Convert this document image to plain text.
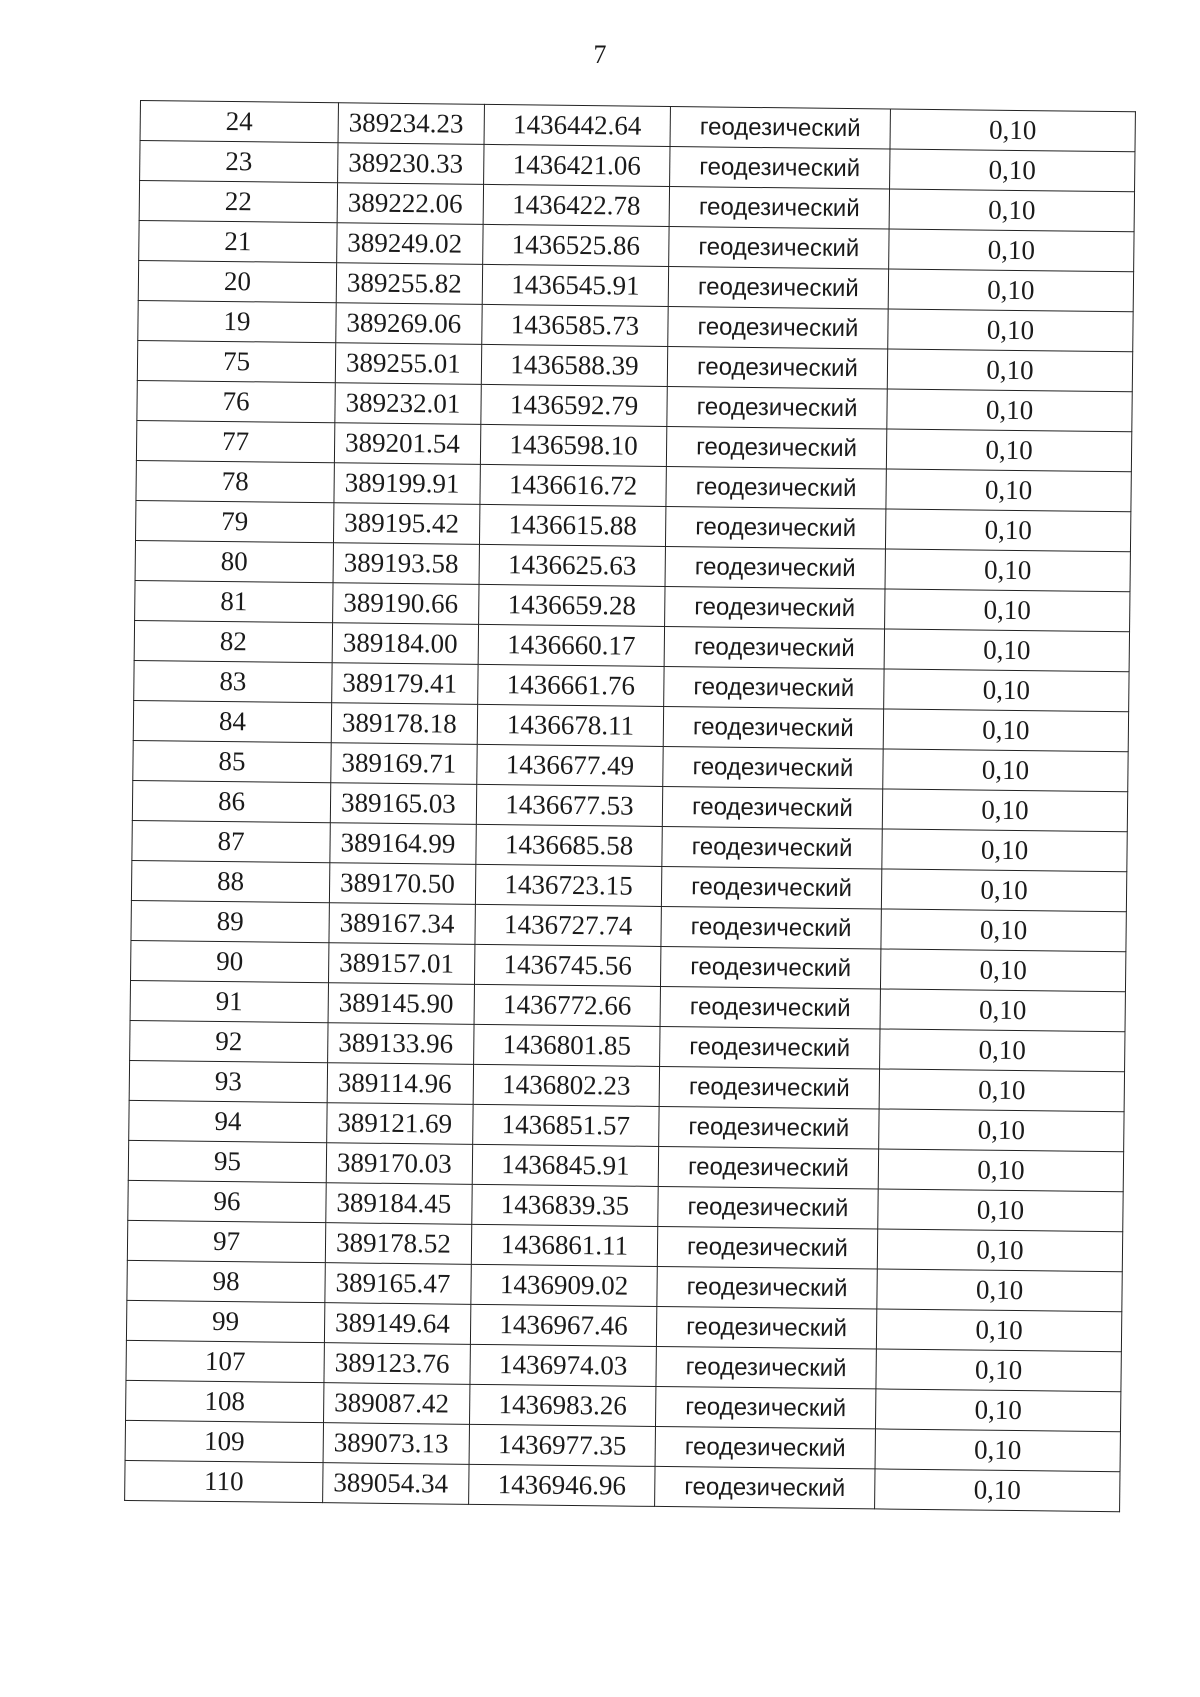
7
24	389234.23	1436442.64	геодезический	0,10
23	389230.33	1436421.06	геодезический	0,10
22	389222.06	1436422.78	геодезический	0,10
21	389249.02	1436525.86	геодезический	0,10
20	389255.82	1436545.91	геодезический	0,10
19	389269.06	1436585.73	геодезический	0,10
75	389255.01	1436588.39	геодезический	0,10
76	389232.01	1436592.79	геодезический	0,10
77	389201.54	1436598.10	геодезический	0,10
78	389199.91	1436616.72	геодезический	0,10
79	389195.42	1436615.88	геодезический	0,10
80	389193.58	1436625.63	геодезический	0,10
81	389190.66	1436659.28	геодезический	0,10
82	389184.00	1436660.17	геодезический	0,10
83	389179.41	1436661.76	геодезический	0,10
84	389178.18	1436678.11	геодезический	0,10
85	389169.71	1436677.49	геодезический	0,10
86	389165.03	1436677.53	геодезический	0,10
87	389164.99	1436685.58	геодезический	0,10
88	389170.50	1436723.15	геодезический	0,10
89	389167.34	1436727.74	геодезический	0,10
90	389157.01	1436745.56	геодезический	0,10
91	389145.90	1436772.66	геодезический	0,10
92	389133.96	1436801.85	геодезический	0,10
93	389114.96	1436802.23	геодезический	0,10
94	389121.69	1436851.57	геодезический	0,10
95	389170.03	1436845.91	геодезический	0,10
96	389184.45	1436839.35	геодезический	0,10
97	389178.52	1436861.11	геодезический	0,10
98	389165.47	1436909.02	геодезический	0,10
99	389149.64	1436967.46	геодезический	0,10
107	389123.76	1436974.03	геодезический	0,10
108	389087.42	1436983.26	геодезический	0,10
109	389073.13	1436977.35	геодезический	0,10
110	389054.34	1436946.96	геодезический	0,10
